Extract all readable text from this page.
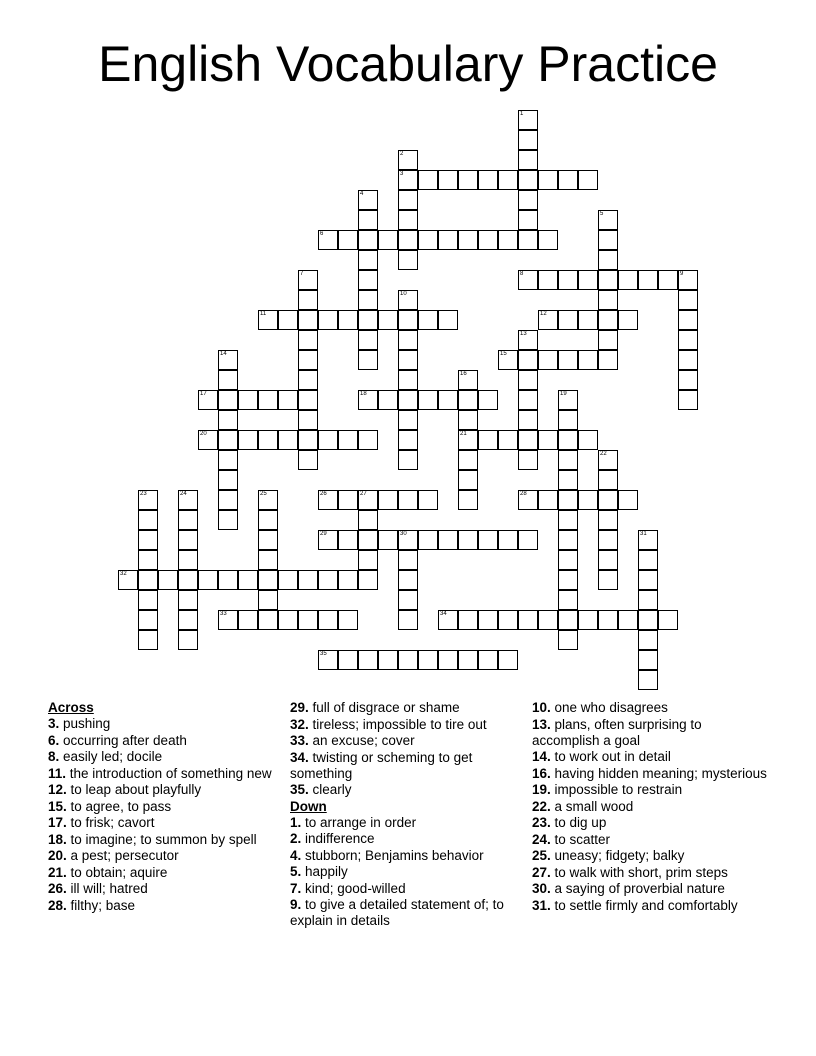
English Vocabulary Practice
1
2
3
4
5
6
7	8	9
10
11	12
13
14	15
16
21
17	18	19
20
22
23	24	25	26	27	28
29	30	31
32
33	34
35
Across
3. pushing
6. occurring after death
8. easily led; docile
11. the introduction of something new
12. to leap about playfully
15. to agree, to pass
17. to frisk; cavort
18. to imagine; to summon by spell
20. a pest; persecutor
21. to obtain; aquire
26. ill will; hatred
28. filthy; base
29. full of disgrace or shame
32. tireless; impossible to tire out
33. an excuse; cover
34. twisting or scheming to get something
35. clearly
Down
1. to arrange in order
2. indifference
4. stubborn; Benjamins behavior
5. happily
7. kind; good-willed
9. to give a detailed statement of; to explain in details
10. one who disagrees
13. plans, often surprising to accomplish a goal
14. to work out in detail
16. having hidden meaning; mysterious
19. impossible to restrain
22. a small wood
23. to dig up
24. to scatter
25. uneasy; fidgety; balky
27. to walk with short, prim steps
30. a saying of proverbial nature
31. to settle firmly and comfortably
